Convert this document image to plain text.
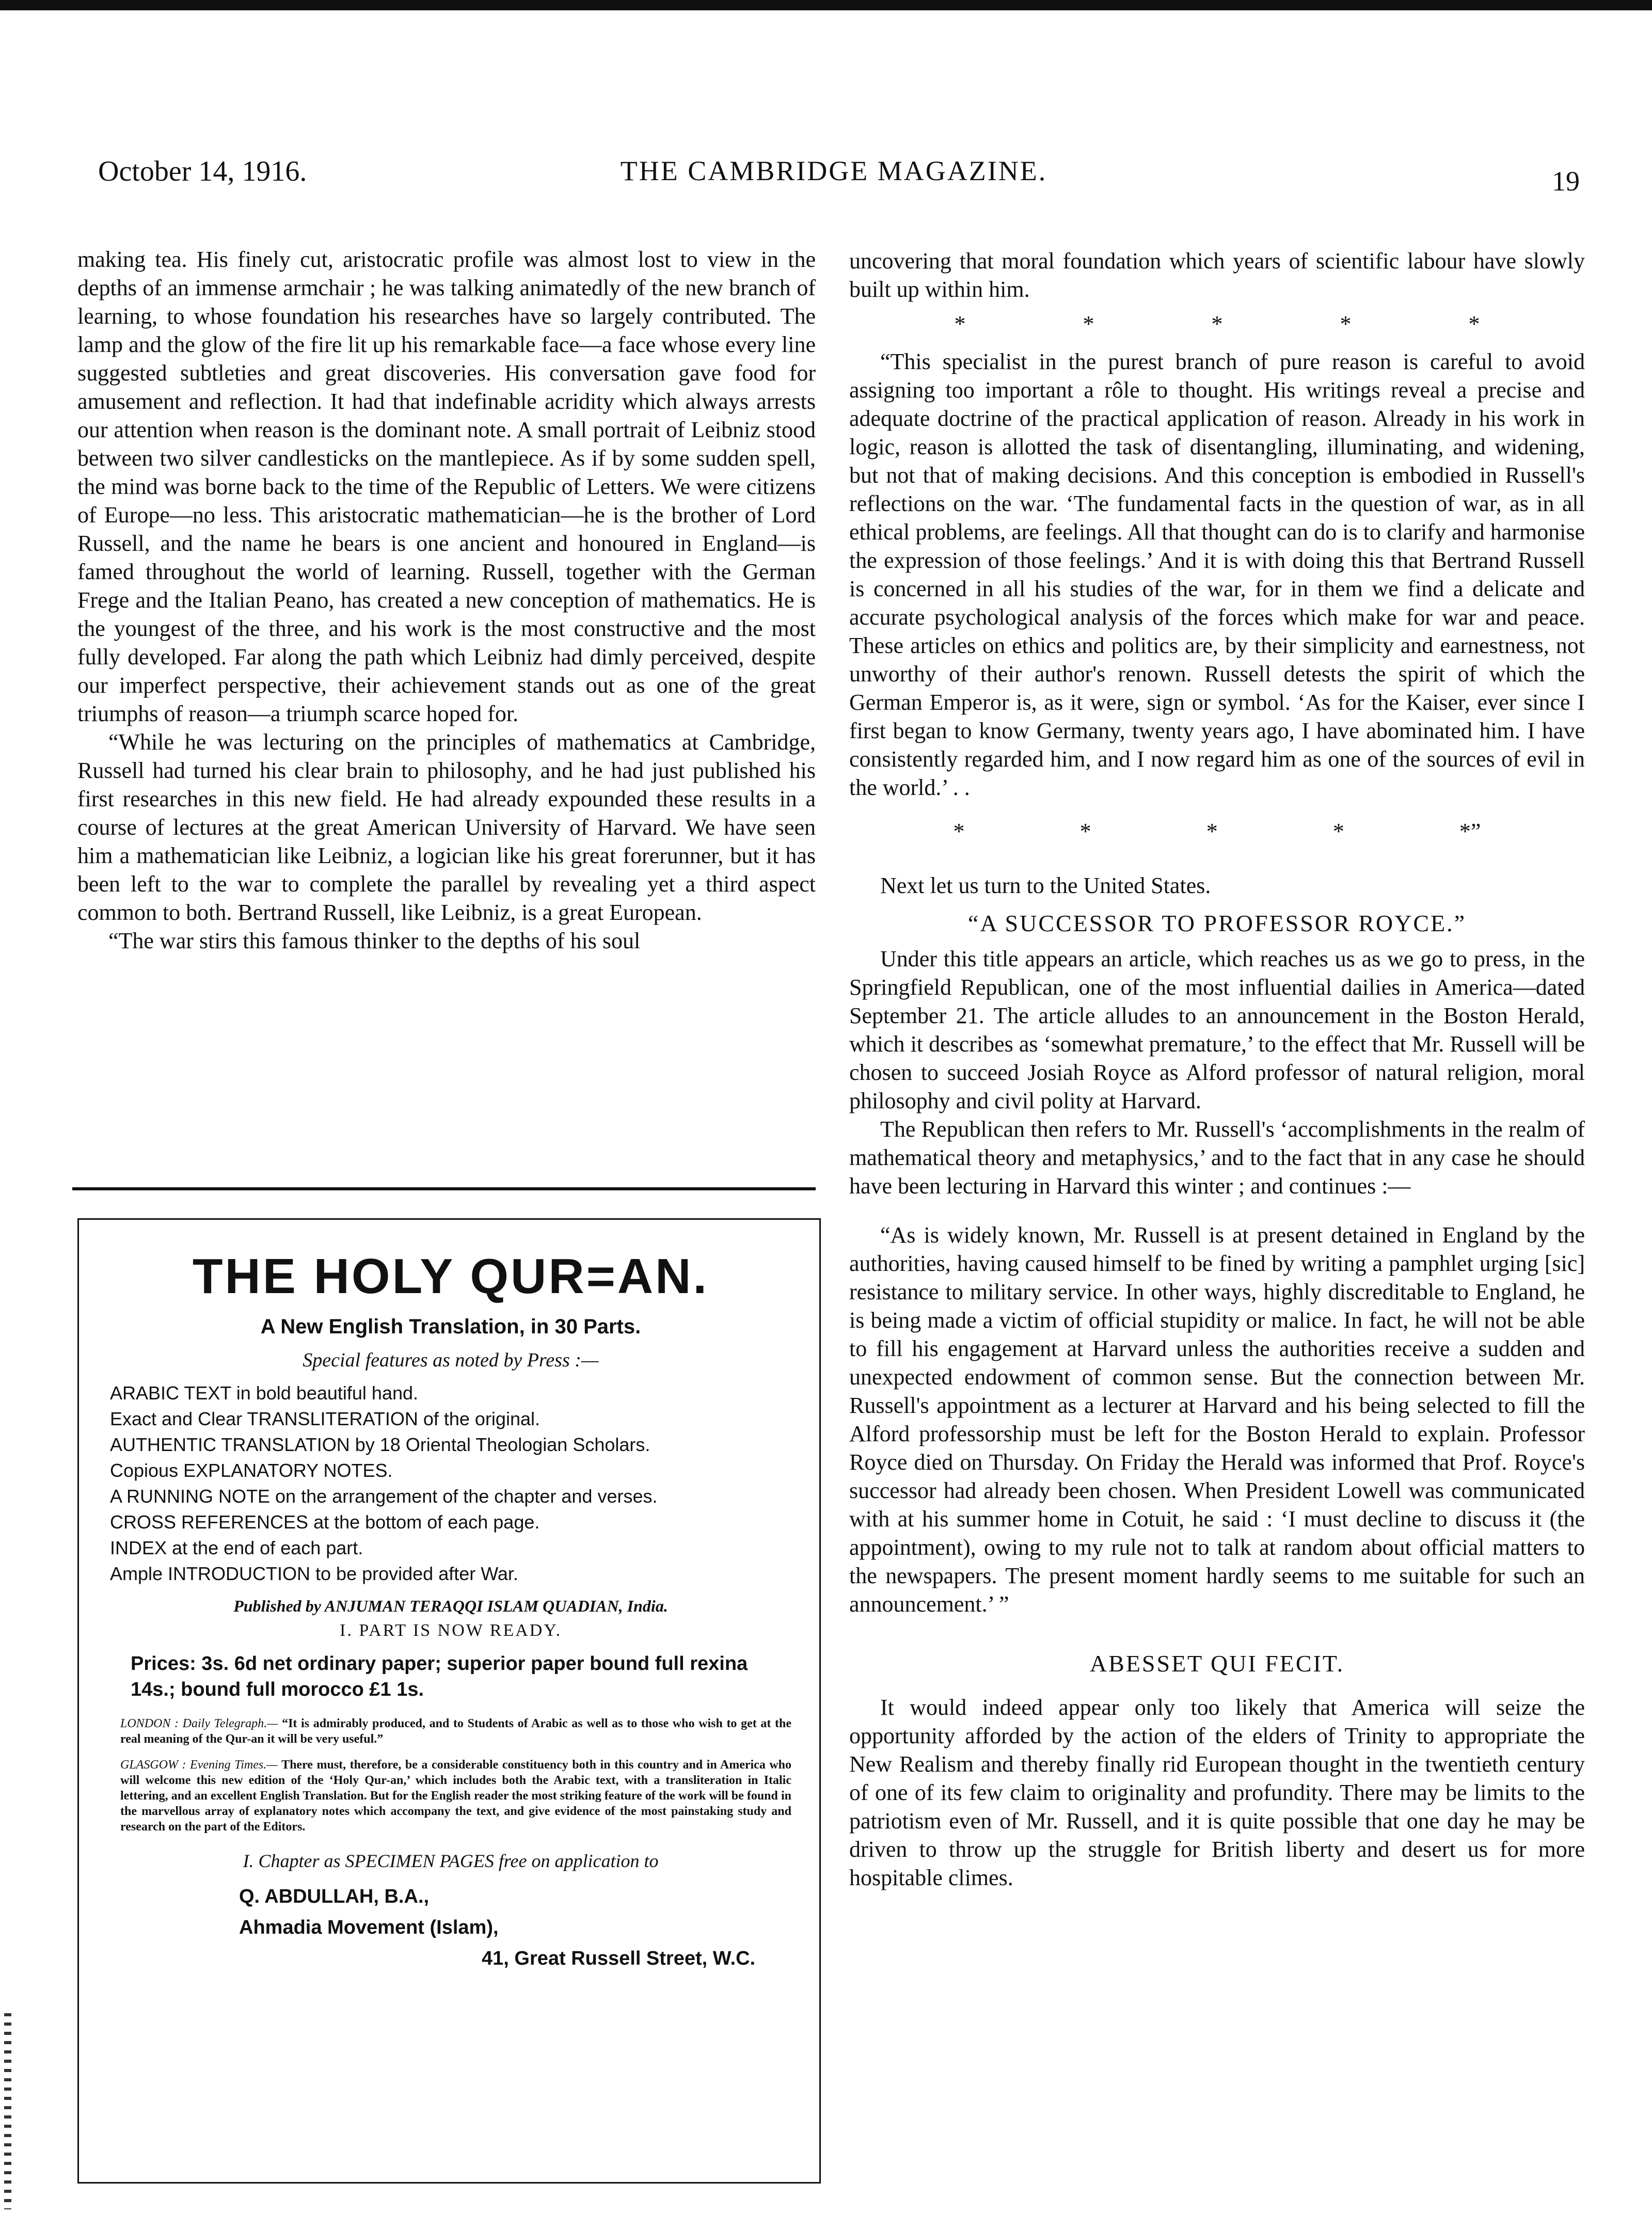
THE CAMBRIDGE MAGAZINE.
October 14, 1916.	19

making tea. His finely cut, aristocratic profile was almost lost to view in the depths of an immense armchair ; he was talking animatedly of the new branch of learning, to whose foundation his researches have so largely contributed. The lamp and the glow of the fire lit up his remarkable face—a face whose every line suggested subtleties and great discoveries. His conversation gave food for amusement and reflection. It had that indefinable acridity which always arrests our attention when reason is the dominant note. A small portrait of Leibniz stood between two silver candlesticks on the mantlepiece. As if by some sudden spell, the mind was borne back to the time of the Republic of Letters. We were citizens of Europe—no less. This aristocratic mathematician—he is the brother of Lord Russell, and the name he bears is one ancient and honoured in England—is famed throughout the world of learning. Russell, together with the German Frege and the Italian Peano, has created a new conception of mathematics. He is the youngest of the three, and his work is the most constructive and the most fully developed. Far along the path which Leibniz had dimly perceived, despite our imperfect perspective, their achievement stands out as one of the great triumphs of reason—a triumph scarce hoped for.

“While he was lecturing on the principles of mathematics at Cambridge, Russell had turned his clear brain to philosophy, and he had just published his first researches in this new field. He had already expounded these results in a course of lectures at the great American University of Harvard. We have seen him a mathematician like Leibniz, a logician like his great forerunner, but it has been left to the war to complete the parallel by revealing yet a third aspect common to both. Bertrand Russell, like Leibniz, is a great European.

“The war stirs this famous thinker to the depths of his soul

uncovering that moral foundation which years of scientific labour have slowly built up within him.

*	*	*	*	*

“This specialist in the purest branch of pure reason is careful to avoid assigning too important a rôle to thought. His writings reveal a precise and adequate doctrine of the practical application of reason. Already in his work in logic, reason is allotted the task of disentangling, illuminating, and widening, but not that of making decisions. And this conception is embodied in Russell's reflections on the war. ‘The fundamental facts in the question of war, as in all ethical problems, are feelings. All that thought can do is to clarify and harmonise the expression of those feelings.’ And it is with doing this that Bertrand Russell is concerned in all his studies of the war, for in them we find a delicate and accurate psychological analysis of the forces which make for war and peace. These articles on ethics and politics are, by their simplicity and earnestness, not unworthy of their author's renown. Russell detests the spirit of which the German Emperor is, as it were, sign or symbol. ‘As for the Kaiser, ever since I first began to know Germany, twenty years ago, I have abominated him. I have consistently regarded him, and I now regard him as one of the sources of evil in the world.’ . .

*	*	*	*	*”

Next let us turn to the United States.

“A SUCCESSOR TO PROFESSOR ROYCE.”

Under this title appears an article, which reaches us as we go to press, in the Springfield Republican, one of the most influential dailies in America—dated September 21. The article alludes to an announcement in the Boston Herald, which it describes as ‘somewhat premature,’ to the effect that Mr. Russell will be chosen to succeed Josiah Royce as Alford professor of natural religion, moral philosophy and civil polity at Harvard.

The Republican then refers to Mr. Russell's ‘accomplishments in the realm of mathematical theory and metaphysics,’ and to the fact that in any case he should have been lecturing in Harvard this winter ; and continues :—

“As is widely known, Mr. Russell is at present detained in England by the authorities, having caused himself to be fined by writing a pamphlet urging [sic] resistance to military service. In other ways, highly discreditable to England, he is being made a victim of official stupidity or malice. In fact, he will not be able to fill his engagement at Harvard unless the authorities receive a sudden and unexpected endowment of common sense. But the connection between Mr. Russell's appointment as a lecturer at Harvard and his being selected to fill the Alford professorship must be left for the Boston Herald to explain. Professor Royce died on Thursday. On Friday the Herald was informed that Prof. Royce's successor had already been chosen. When President Lowell was communicated with at his summer home in Cotuit, he said : ‘I must decline to discuss it (the appointment), owing to my rule not to talk at random about official matters to the newspapers. The present moment hardly seems to me suitable for such an announcement.’ ”

ABESSET QUI FECIT.

It would indeed appear only too likely that America will seize the opportunity afforded by the action of the elders of Trinity to appropriate the New Realism and thereby finally rid European thought in the twentieth century of one of its few claim to originality and profundity. There may be limits to the patriotism even of Mr. Russell, and it is quite possible that one day he may be driven to throw up the struggle for British liberty and desert us for more hospitable climes.

THE HOLY QUR=AN.
A New English Translation, in 30 Parts.
Special features as noted by Press :—
ARABIC TEXT in bold beautiful hand.
Exact and Clear TRANSLITERATION of the original.
AUTHENTIC TRANSLATION by 18 Oriental Theologian Scholars.
Copious EXPLANATORY NOTES.
A RUNNING NOTE on the arrangement of the chapter and verses.
CROSS REFERENCES at the bottom of each page.
INDEX at the end of each part.
Ample INTRODUCTION to be provided after War.
Published by ANJUMAN TERAQQI ISLAM QUADIAN, India.
I. PART IS NOW READY.
Prices: 3s. 6d net ordinary paper; superior paper bound full rexina 14s.; bound full morocco £1 1s.
LONDON : Daily Telegraph.— “It is admirably produced, and to Students of Arabic as well as to those who wish to get at the real meaning of the Qur-an it will be very useful.”
GLASGOW : Evening Times.— There must, therefore, be a considerable constituency both in this country and in America who will welcome this new edition of the ‘Holy Qur-an,’ which includes both the Arabic text, with a transliteration in Italic lettering, and an excellent English Translation. But for the English reader the most striking feature of the work will be found in the marvellous array of explanatory notes which accompany the text, and give evidence of the most painstaking study and research on the part of the Editors.
I. Chapter as SPECIMEN PAGES free on application to
Q. ABDULLAH, B.A.,
Ahmadia Movement (Islam),
41, Great Russell Street, W.C.
